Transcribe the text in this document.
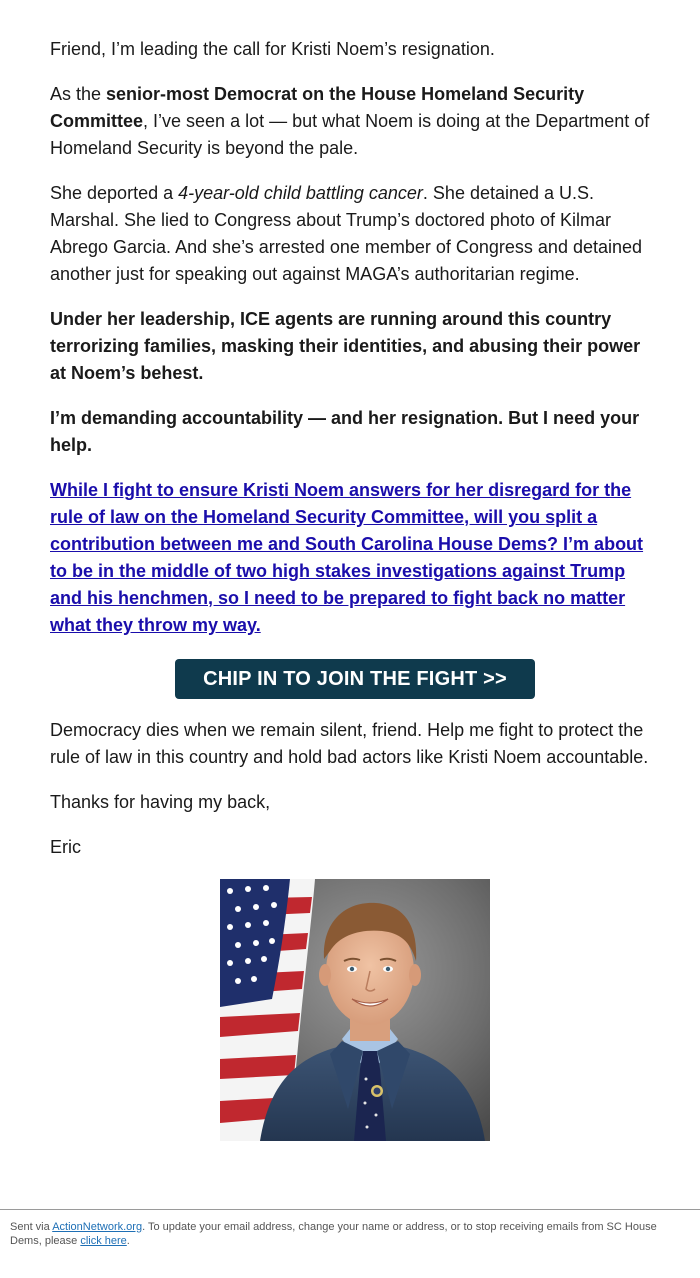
Friend, I’m leading the call for Kristi Noem’s resignation.

As the senior-most Democrat on the House Homeland Security Committee, I’ve seen a lot — but what Noem is doing at the Department of Homeland Security is beyond the pale.

She deported a 4-year-old child battling cancer. She detained a U.S. Marshal. She lied to Congress about Trump’s doctored photo of Kilmar Abrego Garcia. And she’s arrested one member of Congress and detained another just for speaking out against MAGA’s authoritarian regime.

Under her leadership, ICE agents are running around this country terrorizing families, masking their identities, and abusing their power at Noem’s behest.

I’m demanding accountability — and her resignation. But I need your help.

While I fight to ensure Kristi Noem answers for her disregard for the rule of law on the Homeland Security Committee, will you split a contribution between me and South Carolina House Dems? I’m about to be in the middle of two high stakes investigations against Trump and his henchmen, so I need to be prepared to fight back no matter what they throw my way.

CHIP IN TO JOIN THE FIGHT >>

Democracy dies when we remain silent, friend. Help me fight to protect the rule of law in this country and hold bad actors like Kristi Noem accountable.

Thanks for having my back,

Eric

Sent via ActionNetwork.org. To update your email address, change your name or address, or to stop receiving emails from SC House Dems, please click here.
